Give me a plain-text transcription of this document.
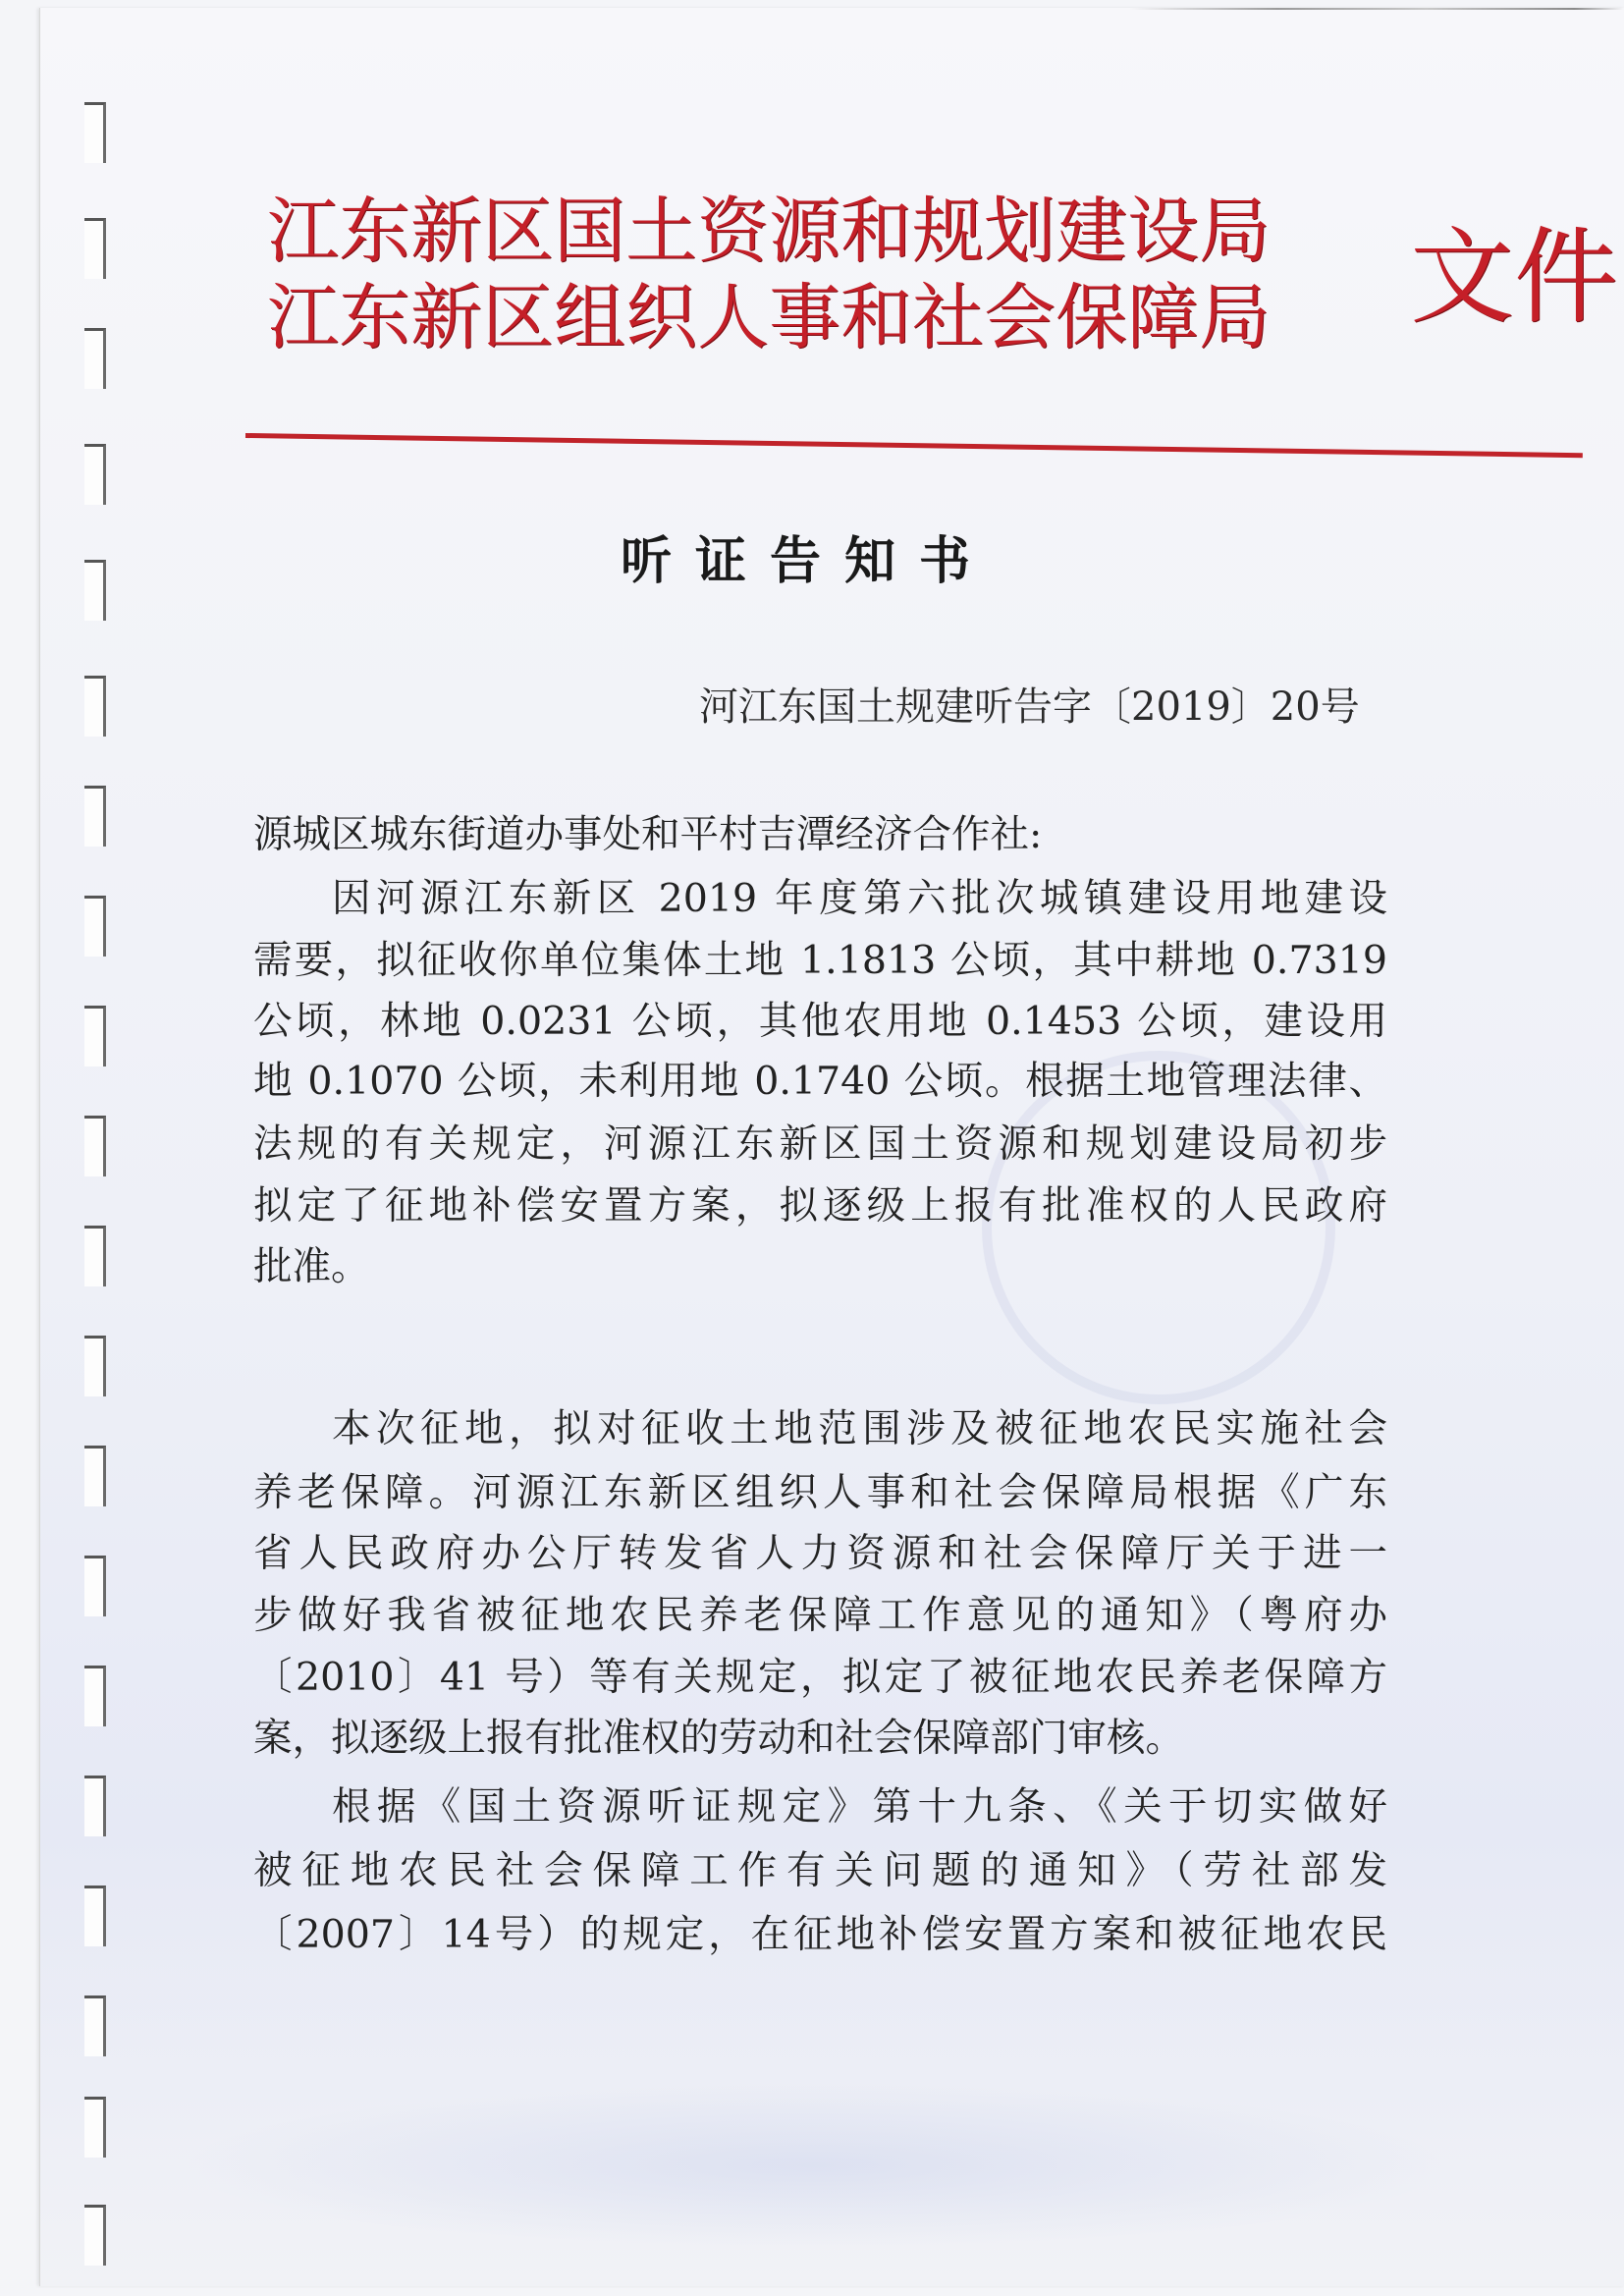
江东新区国土资源和规划建设局
江东新区组织人事和社会保障局 文件
听证告知书
河江东国土规建听告字〔2019〕20号
源城区城东街道办事处和平村吉潭经济合作社:
因河源江东新区 2019 年度第六批次城镇建设用地建设
需要，拟征收你单位集体土地 1.1813 公顷，其中耕地 0.7319
公顷，林地 0.0231 公顷，其他农用地 0.1453 公顷，建设用
地 0.1070 公顷，未利用地 0.1740 公顷。根据土地管理法律、
法规的有关规定，河源江东新区国土资源和规划建设局初步
拟定了征地补偿安置方案，拟逐级上报有批准权的人民政府
批准。
本次征地，拟对征收土地范围涉及被征地农民实施社会
养老保障。河源江东新区组织人事和社会保障局根据《广东
省人民政府办公厅转发省人力资源和社会保障厅关于进一
步做好我省被征地农民养老保障工作意见的通知》（粤府办
〔2010〕41 号）等有关规定，拟定了被征地农民养老保障方
案，拟逐级上报有批准权的劳动和社会保障部门审核。
根据《国土资源听证规定》第十九条、《关于切实做好
被征地农民社会保障工作有关问题的通知》（劳社部发
〔2007〕14号）的规定，在征地补偿安置方案和被征地农民
